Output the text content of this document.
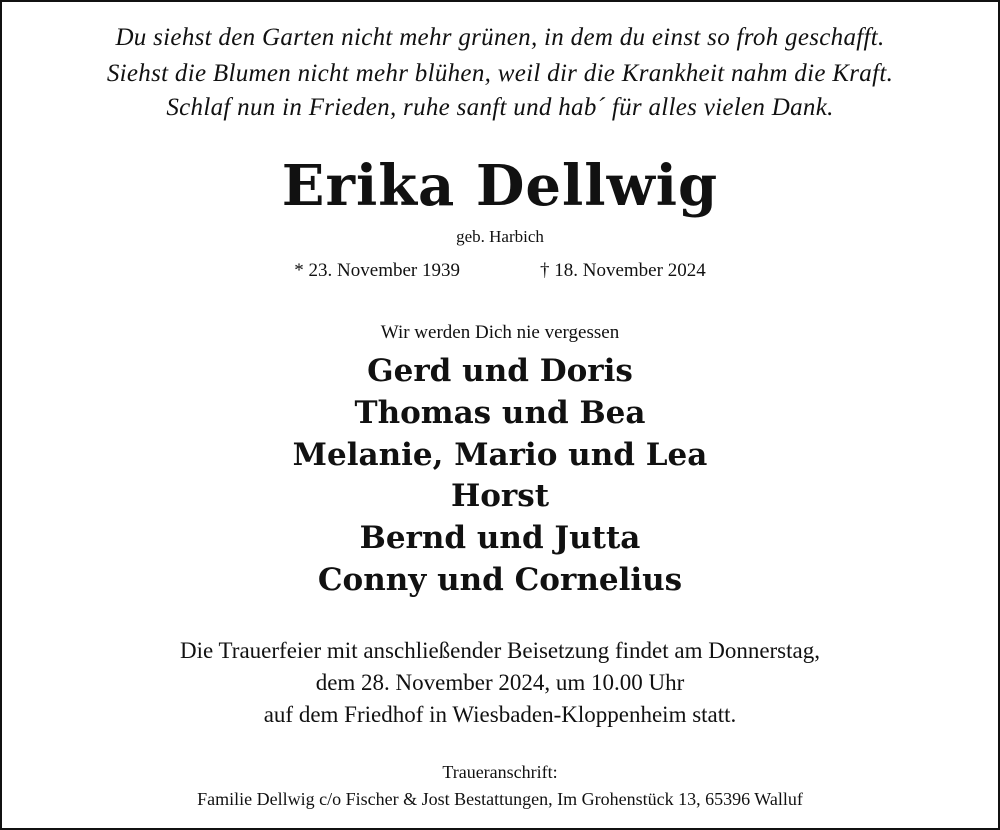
Du siehst den Garten nicht mehr grünen, in dem du einst so froh geschafft.
Siehst die Blumen nicht mehr blühen, weil dir die Krankheit nahm die Kraft.
Schlaf nun in Frieden, ruhe sanft und hab´ für alles vielen Dank.
Erika Dellwig
geb. Harbich
* 23. November 1939	† 18. November 2024
Wir werden Dich nie vergessen
Gerd und Doris
Thomas und Bea
Melanie, Mario und Lea
Horst
Bernd und Jutta
Conny und Cornelius
Die Trauerfeier mit anschließender Beisetzung findet am Donnerstag,
dem 28. November 2024, um 10.00 Uhr
auf dem Friedhof in Wiesbaden-Kloppenheim statt.
Traueranschrift:
Familie Dellwig c/o Fischer & Jost Bestattungen, Im Grohenstück 13, 65396 Walluf
